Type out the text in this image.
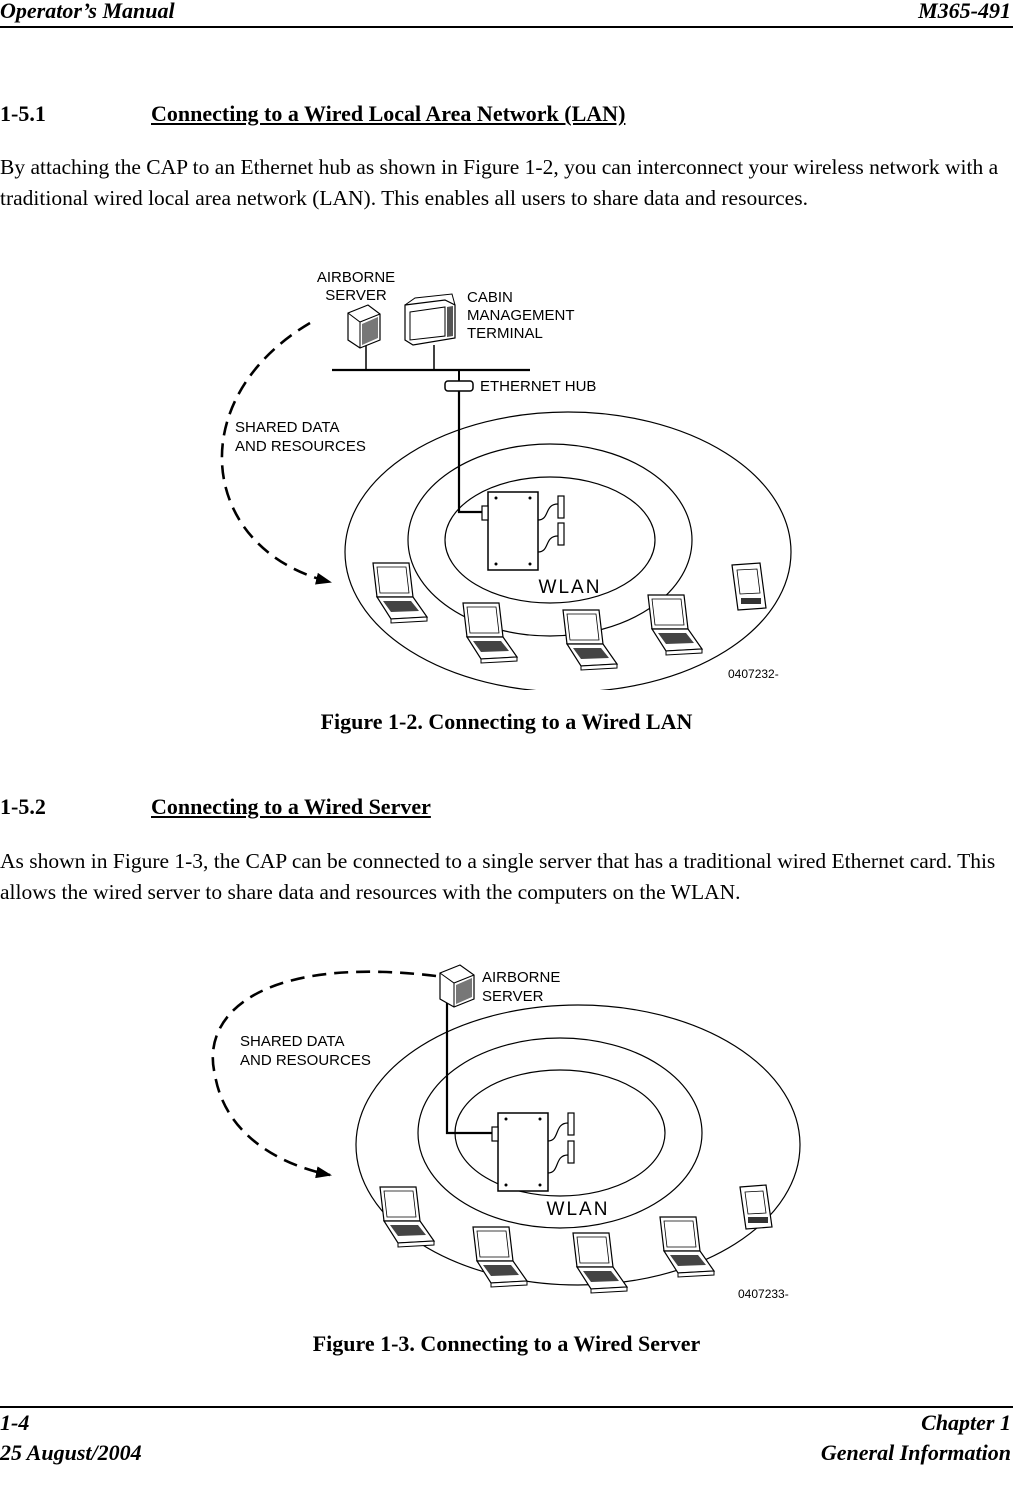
Operator’s Manual	M365-491
1-5.1	Connecting to a Wired Local Area Network (LAN)

By attaching the CAP to an Ethernet hub as shown in Figure 1-2, you can interconnect your wireless network with a traditional wired local area network (LAN). This enables all users to share data and resources.

AIRBORNE
SERVER	CABIN
MANAGEMENT
TERMINAL
ETHERNET HUB
SHARED DATA
AND RESOURCES
WLAN
0407232-
Figure 1-2. Connecting to a Wired LAN
1-5.2	Connecting to a Wired Server

As shown in Figure 1-3, the CAP can be connected to a single server that has a traditional wired Ethernet card. This allows the wired server to share data and resources with the computers on the WLAN.

AIRBORNE
SERVER
SHARED DATA
AND RESOURCES
WLAN
0407233-
Figure 1-3. Connecting to a Wired Server
1-4
25 August/2004
Chapter 1
General Information
